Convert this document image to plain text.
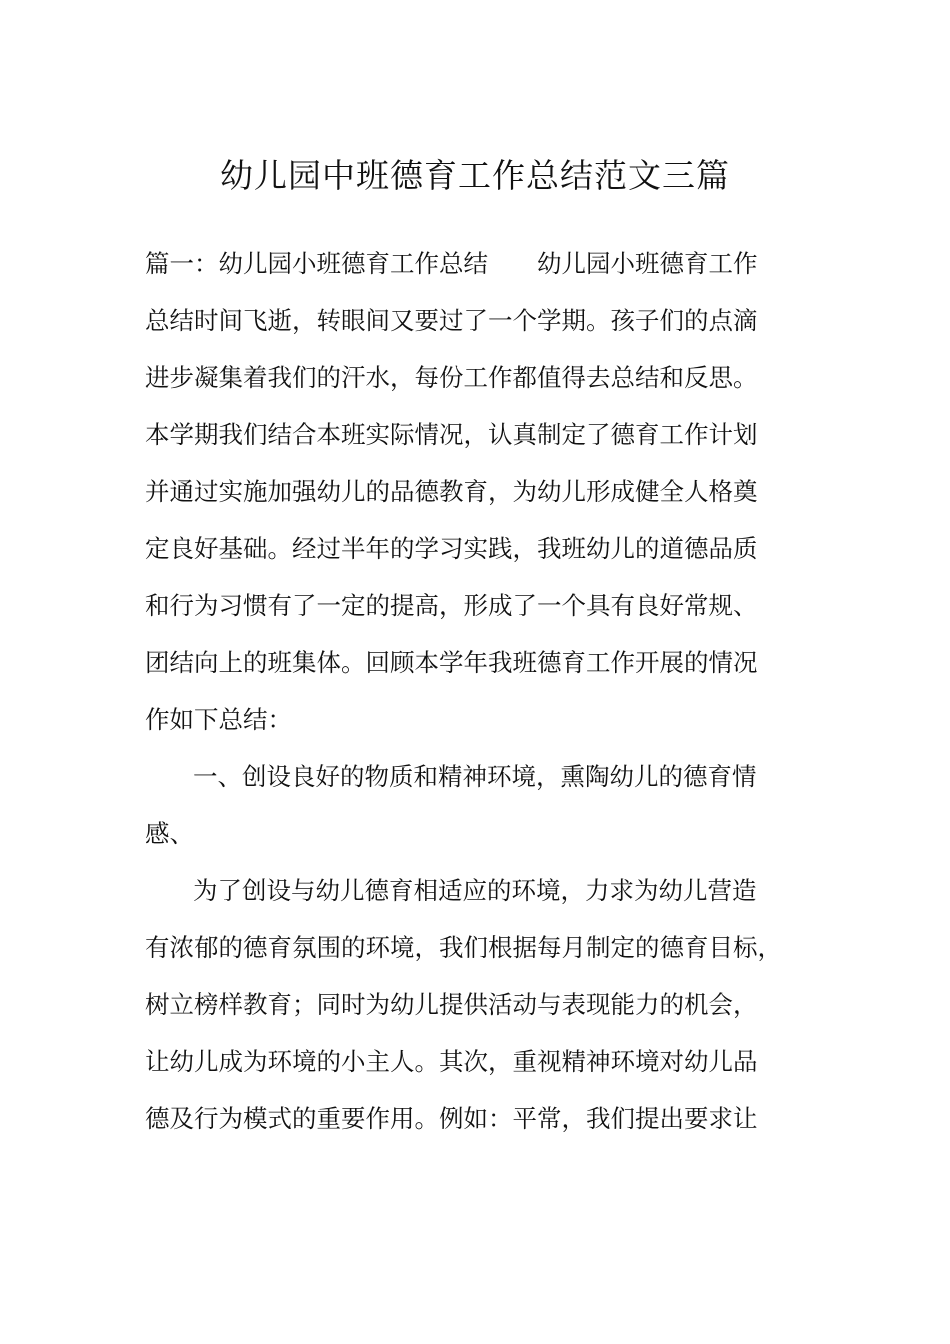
幼儿园中班德育工作总结范文三篇
篇一：幼儿园小班德育工作总结　　幼儿园小班德育工作
总结时间飞逝，转眼间又要过了一个学期。孩子们的点滴
进步凝集着我们的汗水，每份工作都值得去总结和反思。
本学期我们结合本班实际情况，认真制定了德育工作计划
并通过实施加强幼儿的品德教育，为幼儿形成健全人格奠
定良好基础。经过半年的学习实践，我班幼儿的道德品质
和行为习惯有了一定的提高，形成了一个具有良好常规、
团结向上的班集体。回顾本学年我班德育工作开展的情况
作如下总结：
一、创设良好的物质和精神环境，熏陶幼儿的德育情
感、
为了创设与幼儿德育相适应的环境，力求为幼儿营造
有浓郁的德育氛围的环境，我们根据每月制定的德育目标，
树立榜样教育；同时为幼儿提供活动与表现能力的机会，
让幼儿成为环境的小主人。其次，重视精神环境对幼儿品
德及行为模式的重要作用。例如：平常，我们提出要求让
